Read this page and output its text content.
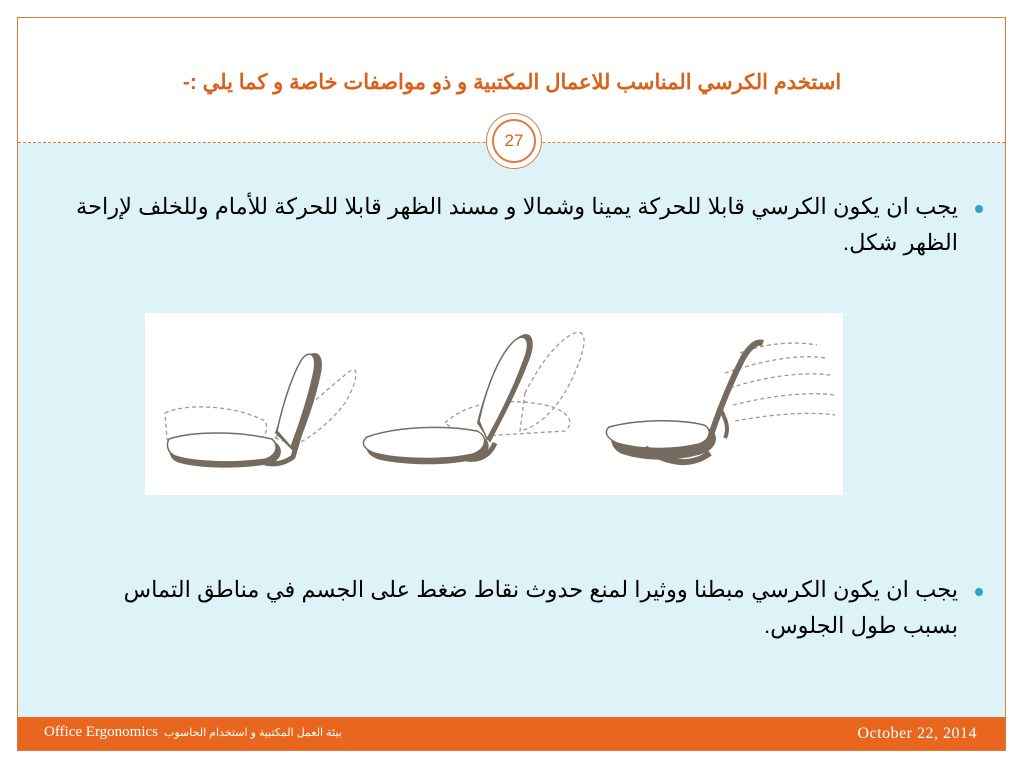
استخدم الكرسي المناسب للاعمال المكتبية و ذو مواصفات خاصة و كما يلي :-
27
يجب ان يكون الكرسي قابلا للحركة يمينا وشمالا و مسند الظهر قابلا للحركة للأمام وللخلف لإراحة الظهر شكل.
يجب ان يكون الكرسي مبطنا ووثيرا لمنع حدوث نقاط ضغط على الجسم في مناطق التماس بسبب طول الجلوس.
Office Ergonomics بيئة العمل المكتبية و استخدام الحاسوب	October 22, 2014
